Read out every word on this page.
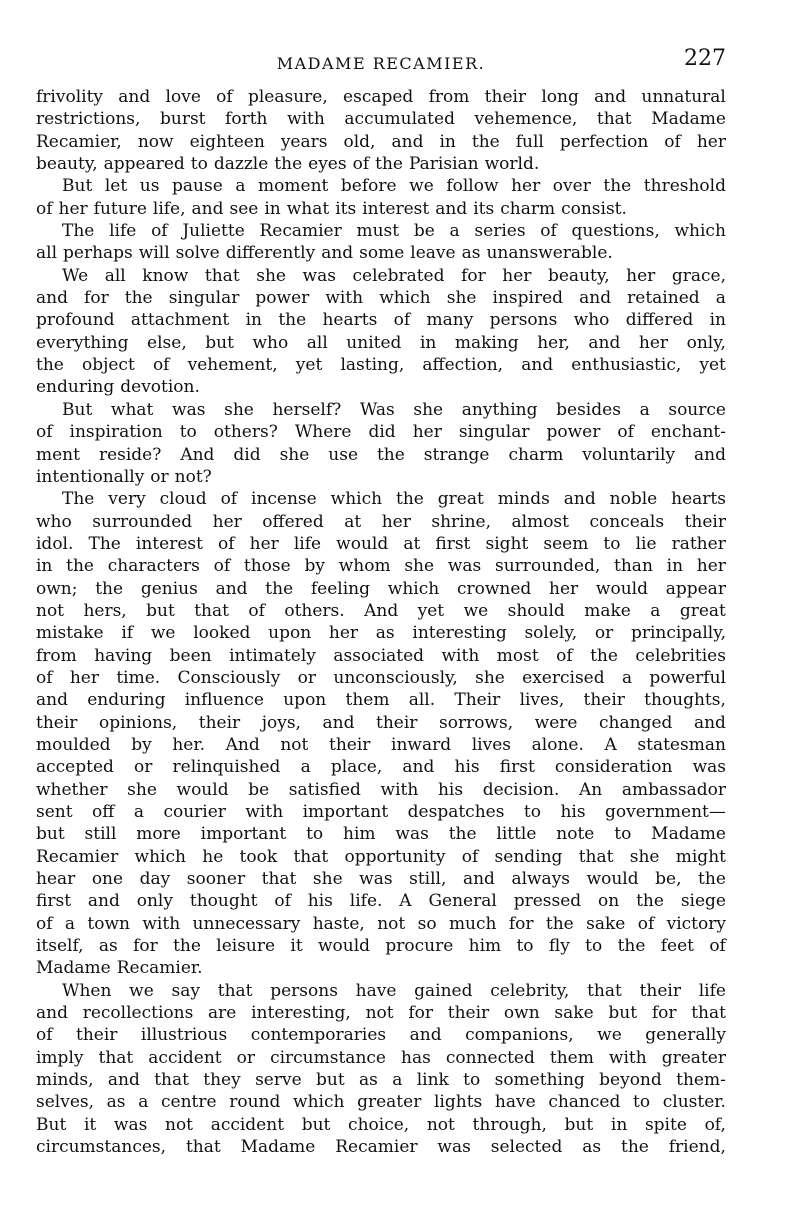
MADAME RECAMIER.	227
frivolity and love of pleasure, escaped from their long and unnatural
restrictions, burst forth with accumulated vehemence, that Madame
Recamier, now eighteen years old, and in the full perfection of her
beauty, appeared to dazzle the eyes of the Parisian world.
But let us pause a moment before we follow her over the threshold
of her future life, and see in what its interest and its charm consist.
The life of Juliette Recamier must be a series of questions, which
all perhaps will solve differently and some leave as unanswerable.
We all know that she was celebrated for her beauty, her grace,
and for the singular power with which she inspired and retained a
profound attachment in the hearts of many persons who differed in
everything else, but who all united in making her, and her only,
the object of vehement, yet lasting, affection, and enthusiastic, yet
enduring devotion.
But what was she herself? Was she anything besides a source
of inspiration to others? Where did her singular power of enchant-
ment reside? And did she use the strange charm voluntarily and
intentionally or not?
The very cloud of incense which the great minds and noble hearts
who surrounded her offered at her shrine, almost conceals their
idol. The interest of her life would at first sight seem to lie rather
in the characters of those by whom she was surrounded, than in her
own; the genius and the feeling which crowned her would appear
not hers, but that of others. And yet we should make a great
mistake if we looked upon her as interesting solely, or principally,
from having been intimately associated with most of the celebrities
of her time. Consciously or unconsciously, she exercised a powerful
and enduring influence upon them all. Their lives, their thoughts,
their opinions, their joys, and their sorrows, were changed and
moulded by her. And not their inward lives alone. A statesman
accepted or relinquished a place, and his first consideration was
whether she would be satisfied with his decision. An ambassador
sent off a courier with important despatches to his government—
but still more important to him was the little note to Madame
Recamier which he took that opportunity of sending that she might
hear one day sooner that she was still, and always would be, the
first and only thought of his life. A General pressed on the siege
of a town with unnecessary haste, not so much for the sake of victory
itself, as for the leisure it would procure him to fly to the feet of
Madame Recamier.
When we say that persons have gained celebrity, that their life
and recollections are interesting, not for their own sake but for that
of their illustrious contemporaries and companions, we generally
imply that accident or circumstance has connected them with greater
minds, and that they serve but as a link to something beyond them-
selves, as a centre round which greater lights have chanced to cluster.
But it was not accident but choice, not through, but in spite of,
circumstances, that Madame Recamier was selected as the friend,
